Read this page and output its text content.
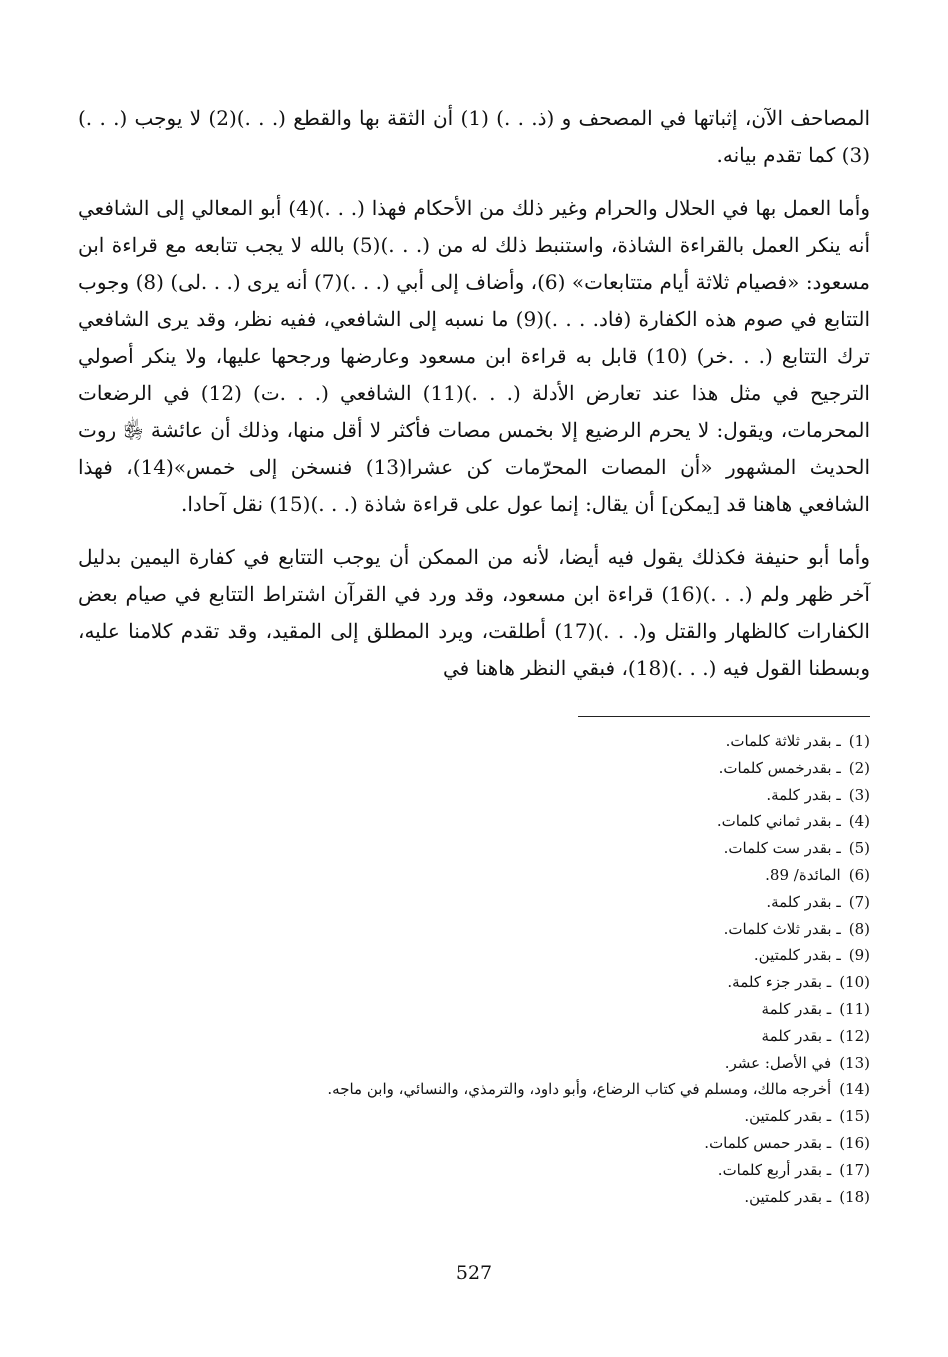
المصاحف الآن، إثباتها في المصحف و (ذ. . .) (1) أن الثقة بها والقطع (. . .)(2) لا يوجب (. . .)(3) كما تقدم بيانه.

وأما العمل بها في الحلال والحرام وغير ذلك من الأحكام فهذا (. . .)(4) أبو المعالي إلى الشافعي أنه ينكر العمل بالقراءة الشاذة، واستنبط ذلك له من (. . .)(5) بالله لا يجب تتابعه مع قراءة ابن مسعود: «فصيام ثلاثة أيام متتابعات» (6)، وأضاف إلى أبي (. . .)(7) أنه يرى (. . .لى) (8) وجوب التتابع في صوم هذه الكفارة (فاد. . . .)(9) ما نسبه إلى الشافعي، ففيه نظر، وقد يرى الشافعي ترك التتابع (. . .خر) (10) قابل به قراءة ابن مسعود وعارضها ورجحها عليها، ولا ينكر أصولي الترجيح في مثل هذا عند تعارض الأدلة (. . .)(11) الشافعي (. . .ت) (12) في الرضعات المحرمات، ويقول: لا يحرم الرضيع إلا بخمس مصات فأكثر لا أقل منها، وذلك أن عائشة ﵂ روت الحديث المشهور «أن المصات المحرّمات كن عشرا(13) فنسخن إلى خمس»(14)، فهذا الشافعي هاهنا قد [يمكن] أن يقال: إنما عول على قراءة شاذة (. . .)(15) نقل آحادا.

وأما أبو حنيفة فكذلك يقول فيه أيضا، لأنه من الممكن أن يوجب التتابع في كفارة اليمين بدليل آخر ظهر ولم (. . .)(16) قراءة ابن مسعود، وقد ورد في القرآن اشتراط التتابع في صيام بعض الكفارات كالظهار والقتل و(. . .)(17) أطلقت، ويرد المطلق إلى المقيد، وقد تقدم كلامنا عليه، وبسطنا القول فيه (. . .)(18)، فبقي النظر هاهنا في

(1)ـ بقدر ثلاثة كلمات.
(2)ـ بقدرخمس كلمات.
(3)ـ بقدر كلمة.
(4)ـ بقدر ثماني كلمات.
(5)ـ بقدر ست كلمات.
(6)المائدة/ 89.
(7)ـ بقدر كلمة.
(8)ـ بقدر ثلاث كلمات.
(9)ـ بقدر كلمتين.
(10)ـ بقدر جزء كلمة.
(11)ـ بقدر كلمة
(12)ـ بقدر كلمة
(13)في الأصل: عشر.
(14)أخرجه مالك، ومسلم في كتاب الرضاع، وأبو داود، والترمذي، والنسائي، وابن ماجه.
(15)ـ بقدر كلمتين.
(16)ـ بقدر حمس كلمات.
(17)ـ بقدر أربع كلمات.
(18)ـ بقدر كلمتين.
527
